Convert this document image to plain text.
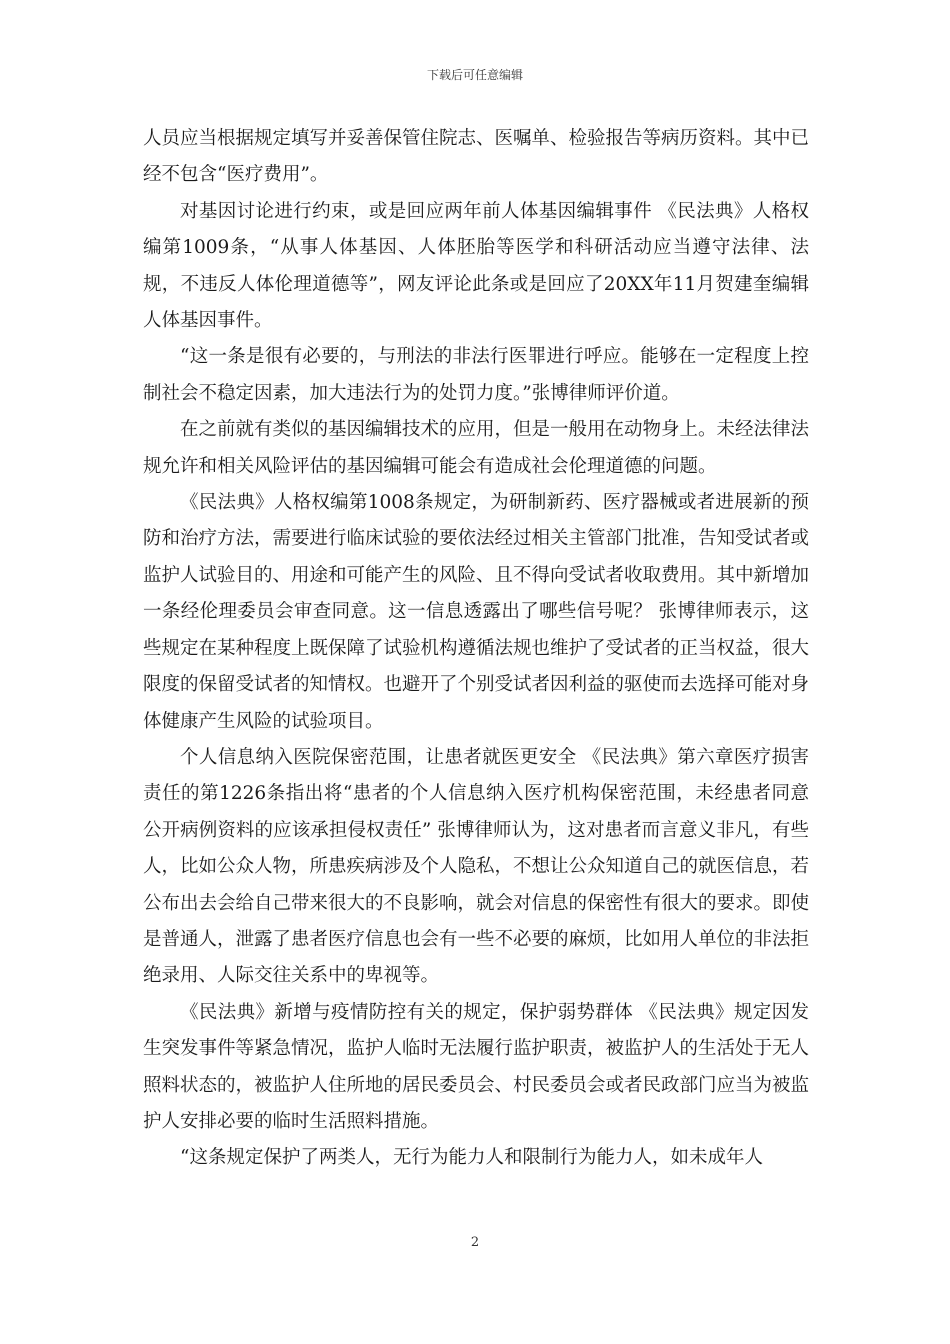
下载后可任意编辑

人员应当根据规定填写并妥善保管住院志、医嘱单、检验报告等病历资料。其中已经不包含“医疗费用”。

对基因讨论进行约束，或是回应两年前人体基因编辑事件 《民法典》人格权编第1009条，“从事人体基因、人体胚胎等医学和科研活动应当遵守法律、法规，不违反人体伦理道德等”，网友评论此条或是回应了20XX年11月贺建奎编辑人体基因事件。

“这一条是很有必要的，与刑法的非法行医罪进行呼应。能够在一定程度上控制社会不稳定因素，加大违法行为的处罚力度。”张博律师评价道。

在之前就有类似的基因编辑技术的应用，但是一般用在动物身上。未经法律法规允许和相关风险评估的基因编辑可能会有造成社会伦理道德的问题。

《民法典》人格权编第1008条规定，为研制新药、医疗器械或者进展新的预防和治疗方法，需要进行临床试验的要依法经过相关主管部门批准，告知受试者或监护人试验目的、用途和可能产生的风险、且不得向受试者收取费用。其中新增加一条经伦理委员会审查同意。这一信息透露出了哪些信号呢？ 张博律师表示，这些规定在某种程度上既保障了试验机构遵循法规也维护了受试者的正当权益，很大限度的保留受试者的知情权。也避开了个别受试者因利益的驱使而去选择可能对身体健康产生风险的试验项目。

个人信息纳入医院保密范围，让患者就医更安全 《民法典》第六章医疗损害责任的第1226条指出将“患者的个人信息纳入医疗机构保密范围，未经患者同意公开病例资料的应该承担侵权责任” 张博律师认为，这对患者而言意义非凡，有些人，比如公众人物，所患疾病涉及个人隐私，不想让公众知道自己的就医信息，若公布出去会给自己带来很大的不良影响，就会对信息的保密性有很大的要求。即使是普通人，泄露了患者医疗信息也会有一些不必要的麻烦，比如用人单位的非法拒绝录用、人际交往关系中的卑视等。

《民法典》新增与疫情防控有关的规定，保护弱势群体 《民法典》规定因发生突发事件等紧急情况，监护人临时无法履行监护职责，被监护人的生活处于无人照料状态的，被监护人住所地的居民委员会、村民委员会或者民政部门应当为被监护人安排必要的临时生活照料措施。

“这条规定保护了两类人，无行为能力人和限制行为能力人，如未成年人

2
